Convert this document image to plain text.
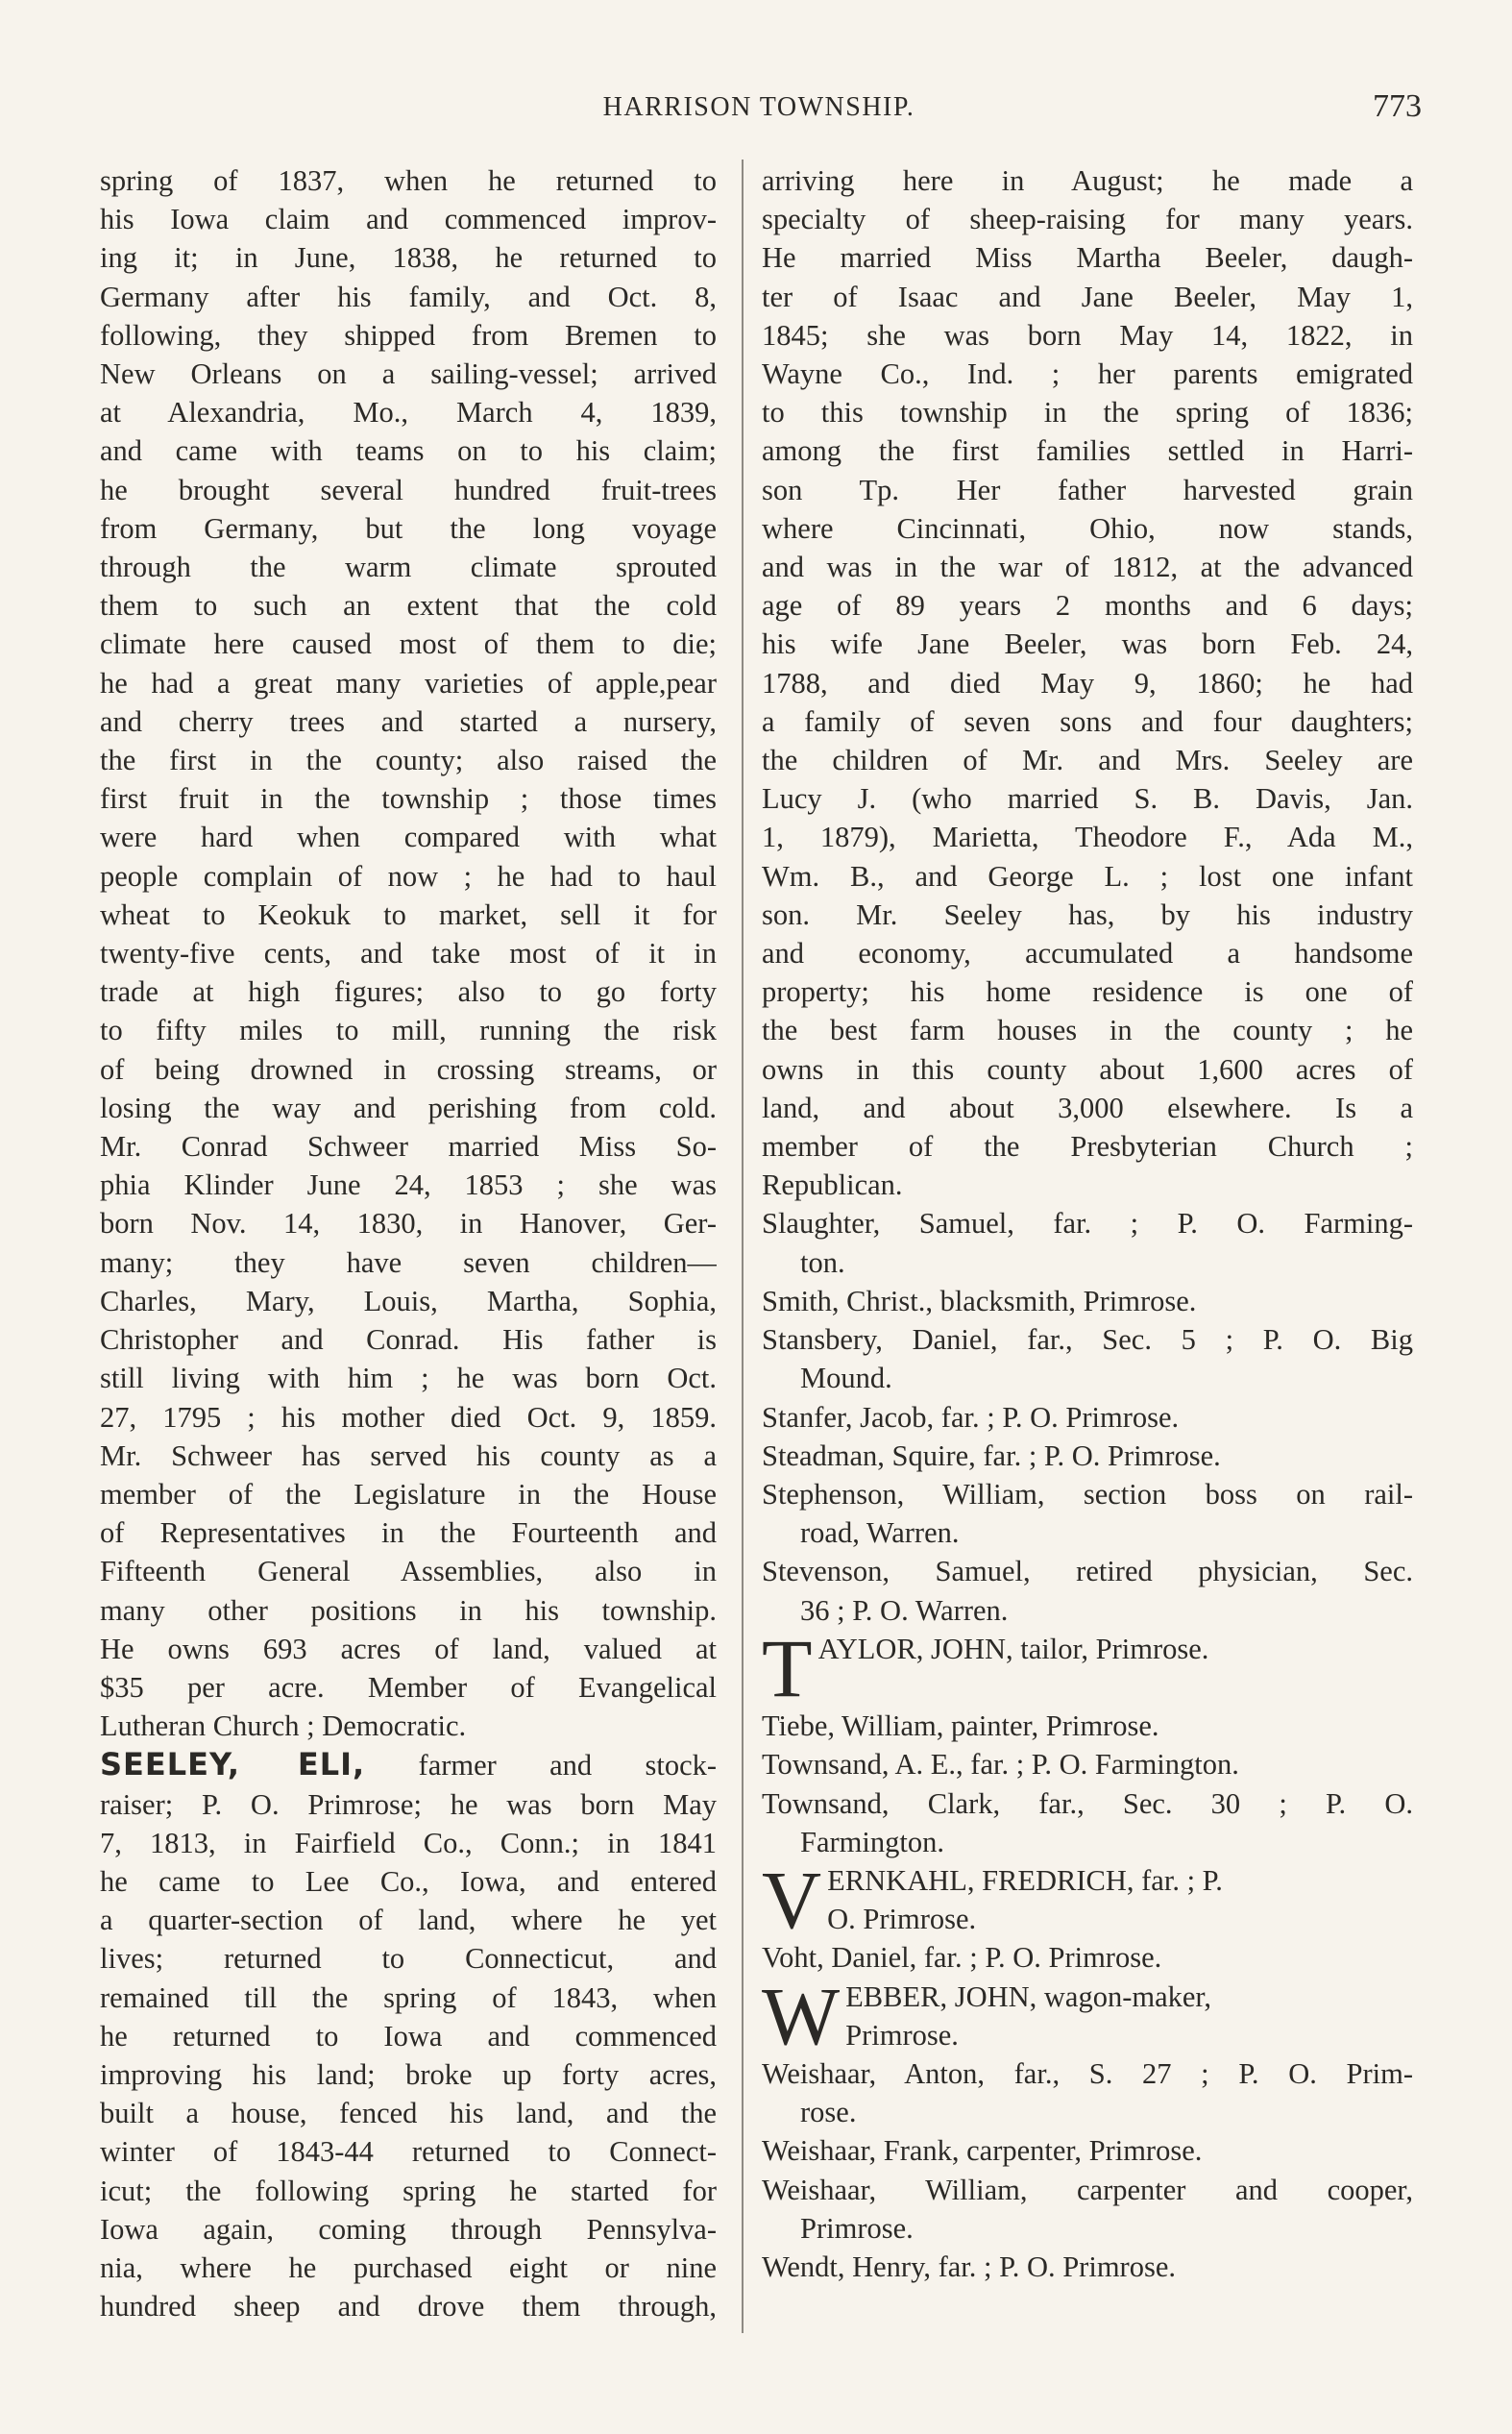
HARRISON TOWNSHIP.	773
spring of 1837, when he returned to
his Iowa claim and commenced improv-
ing it; in June, 1838, he returned to
Germany after his family, and Oct. 8,
following, they shipped from Bremen to
New Orleans on a sailing-vessel; arrived
at Alexandria, Mo., March 4, 1839,
and came with teams on to his claim;
he brought several hundred fruit-trees
from Germany, but the long voyage
through the warm climate sprouted
them to such an extent that the cold
climate here caused most of them to die;
he had a great many varieties of apple,pear
and cherry trees and started a nursery,
the first in the county; also raised the
first fruit in the township ; those times
were hard when compared with what
people complain of now ; he had to haul
wheat to Keokuk to market, sell it for
twenty-five cents, and take most of it in
trade at high figures; also to go forty
to fifty miles to mill, running the risk
of being drowned in crossing streams, or
losing the way and perishing from cold.
Mr. Conrad Schweer married Miss So-
phia Klinder June 24, 1853 ; she was
born Nov. 14, 1830, in Hanover, Ger-
many; they have seven children—
Charles, Mary, Louis, Martha, Sophia,
Christopher and Conrad. His father is
still living with him ; he was born Oct.
27, 1795 ; his mother died Oct. 9, 1859.
Mr. Schweer has served his county as a
member of the Legislature in the House
of Representatives in the Fourteenth and
Fifteenth General Assemblies, also in
many other positions in his township.
He owns 693 acres of land, valued at
$35 per acre. Member of Evangelical
Lutheran Church ; Democratic.
SEELEY, ELI, farmer and stock-
raiser; P. O. Primrose; he was born May
7, 1813, in Fairfield Co., Conn.; in 1841
he came to Lee Co., Iowa, and entered
a quarter-section of land, where he yet
lives; returned to Connecticut, and
remained till the spring of 1843, when
he returned to Iowa and commenced
improving his land; broke up forty acres,
built a house, fenced his land, and the
winter of 1843-44 returned to Connect-
icut; the following spring he started for
Iowa again, coming through Pennsylva-
nia, where he purchased eight or nine
hundred sheep and drove them through,
arriving here in August; he made a
specialty of sheep-raising for many years.
He married Miss Martha Beeler, daugh-
ter of Isaac and Jane Beeler, May 1,
1845; she was born May 14, 1822, in
Wayne Co., Ind. ; her parents emigrated
to this township in the spring of 1836;
among the first families settled in Harri-
son Tp. Her father harvested grain
where Cincinnati, Ohio, now stands,
and was in the war of 1812, at the advanced
age of 89 years 2 months and 6 days;
his wife Jane Beeler, was born Feb. 24,
1788, and died May 9, 1860; he had
a family of seven sons and four daughters;
the children of Mr. and Mrs. Seeley are
Lucy J. (who married S. B. Davis, Jan.
1, 1879), Marietta, Theodore F., Ada M.,
Wm. B., and George L. ; lost one infant
son. Mr. Seeley has, by his industry
and economy, accumulated a handsome
property; his home residence is one of
the best farm houses in the county ; he
owns in this county about 1,600 acres of
land, and about 3,000 elsewhere. Is a
member of the Presbyterian Church ;
Republican.
Slaughter, Samuel, far. ; P. O. Farming-
ton.
Smith, Christ., blacksmith, Primrose.
Stansbery, Daniel, far., Sec. 5 ; P. O. Big
Mound.
Stanfer, Jacob, far. ; P. O. Primrose.
Steadman, Squire, far. ; P. O. Primrose.
Stephenson, William, section boss on rail-
road, Warren.
Stevenson, Samuel, retired physician, Sec.
36 ; P. O. Warren.
T AYLOR, JOHN, tailor, Primrose.
Tiebe, William, painter, Primrose.
Townsand, A. E., far. ; P. O. Farmington.
Townsand, Clark, far., Sec. 30 ; P. O.
Farmington.
V ERNKAHL, FREDRICH, far. ; P.
O. Primrose.
Voht, Daniel, far. ; P. O. Primrose.
W EBBER, JOHN, wagon-maker,
Primrose.
Weishaar, Anton, far., S. 27 ; P. O. Prim-
rose.
Weishaar, Frank, carpenter, Primrose.
Weishaar, William, carpenter and cooper,
Primrose.
Wendt, Henry, far. ; P. O. Primrose.
